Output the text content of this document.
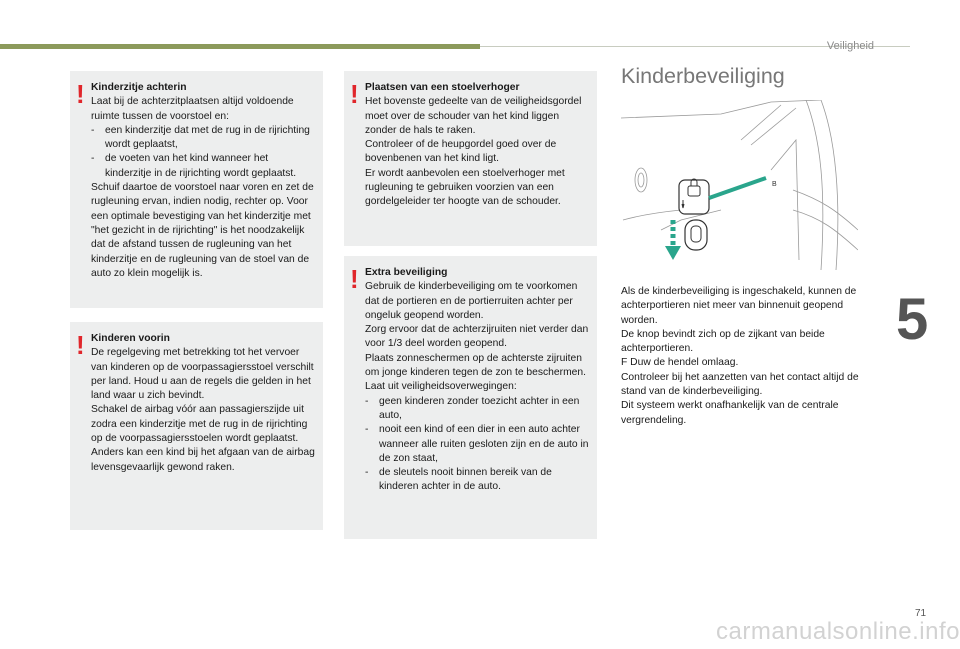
Veiligheid
5
! Kinderzitje achterin

Laat bij de achterzitplaatsen altijd voldoende ruimte tussen de voorstoel en:

-	een kinderzitje dat met de rug in de rijrichting wordt geplaatst,
-	de voeten van het kind wanneer het kinderzitje in de rijrichting wordt geplaatst.

Schuif daartoe de voorstoel naar voren en zet de rugleuning ervan, indien nodig, rechter op. Voor een optimale bevestiging van het kinderzitje met "het gezicht in de rijrichting" is het noodzakelijk dat de afstand tussen de rugleuning van het kinderzitje en de rugleuning van de stoel van de auto zo klein mogelijk is.

! Kinderen voorin

De regelgeving met betrekking tot het vervoer van kinderen op de voorpassagiersstoel verschilt per land. Houd u aan de regels die gelden in het land waar u zich bevindt.

Schakel de airbag vóór aan passagierszijde uit zodra een kinderzitje met de rug in de rijrichting op de voorpassagiersstoelen wordt geplaatst.

Anders kan een kind bij het afgaan van de airbag levensgevaarlijk gewond raken.

! Plaatsen van een stoelverhoger

Het bovenste gedeelte van de veiligheidsgordel moet over de schouder van het kind liggen zonder de hals te raken.

Controleer of de heupgordel goed over de bovenbenen van het kind ligt.

Er wordt aanbevolen een stoelverhoger met rugleuning te gebruiken voorzien van een gordelgeleider ter hoogte van de schouder.

! Extra beveiliging

Gebruik de kinderbeveiliging om te voorkomen dat de portieren en de portierruiten achter per ongeluk geopend worden.

Zorg ervoor dat de achterzijruiten niet verder dan voor 1/3 deel worden geopend.

Plaats zonneschermen op de achterste zijruiten om jonge kinderen tegen de zon te beschermen.

Laat uit veiligheidsoverwegingen:

-	geen kinderen zonder toezicht achter in een auto,
-	nooit een kind of een dier in een auto achter wanneer alle ruiten gesloten zijn en de auto in de zon staat,
-	de sleutels nooit binnen bereik van de kinderen achter in de auto.
Kinderbeveiliging
B

Als de kinderbeveiliging is ingeschakeld, kunnen de achterportieren niet meer van binnenuit geopend worden.

De knop bevindt zich op de zijkant van beide achterportieren.

F Duw de hendel omlaag.

Controleer bij het aanzetten van het contact altijd de stand van de kinderbeveiliging.

Dit systeem werkt onafhankelijk van de centrale vergrendeling.

71
carmanualsonline.info
